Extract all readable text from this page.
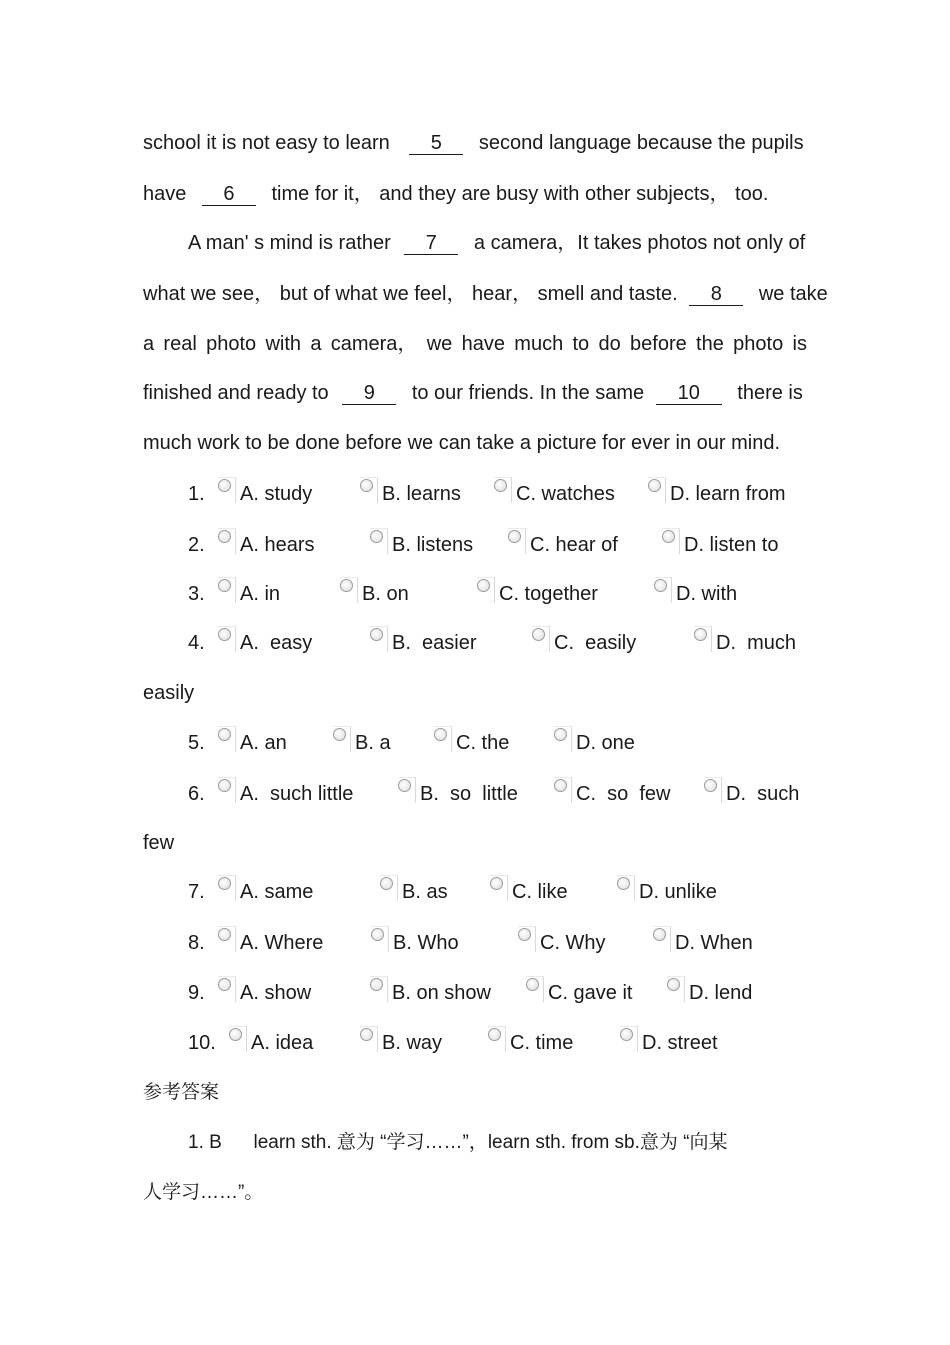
school it is not easy to learn 5 second language because the pupils
have 6 time for it， and they are busy with other subjects， too.
A man' s mind is rather 7 a camera，It takes photos not only of
what we see， but of what we feel， hear， smell and taste. 8 we take
a real photo with a camera， we have much to do before the photo is
finished and ready to 9 to our friends. In the same 10 there is
much work to be done before we can take a picture for ever in our mind.
1. A. study	B. learns	C. watches	D. learn from
2. A. hears	B. listens	C. hear of	D. listen to
3. A. in	B. on	C. together	D. with
4. A.  easy	B.  easier	C.  easily	D.  much
easily
5. A. an	B. a	C. the	D. one
6. A.  such little	B.  so  little	C.  so  few	D.  such
few
7. A. same	B. as	C. like	D. unlike
8. A. Where	B. Who	C. Why	D. When
9. A. show	B. on show	C. gave it	D. lend
10. A. idea	B. way	C. time	D. street
参考答案
1. B      learn sth. 意为 “学习……”，learn sth. from sb.意为 “向某
人学习……”。
